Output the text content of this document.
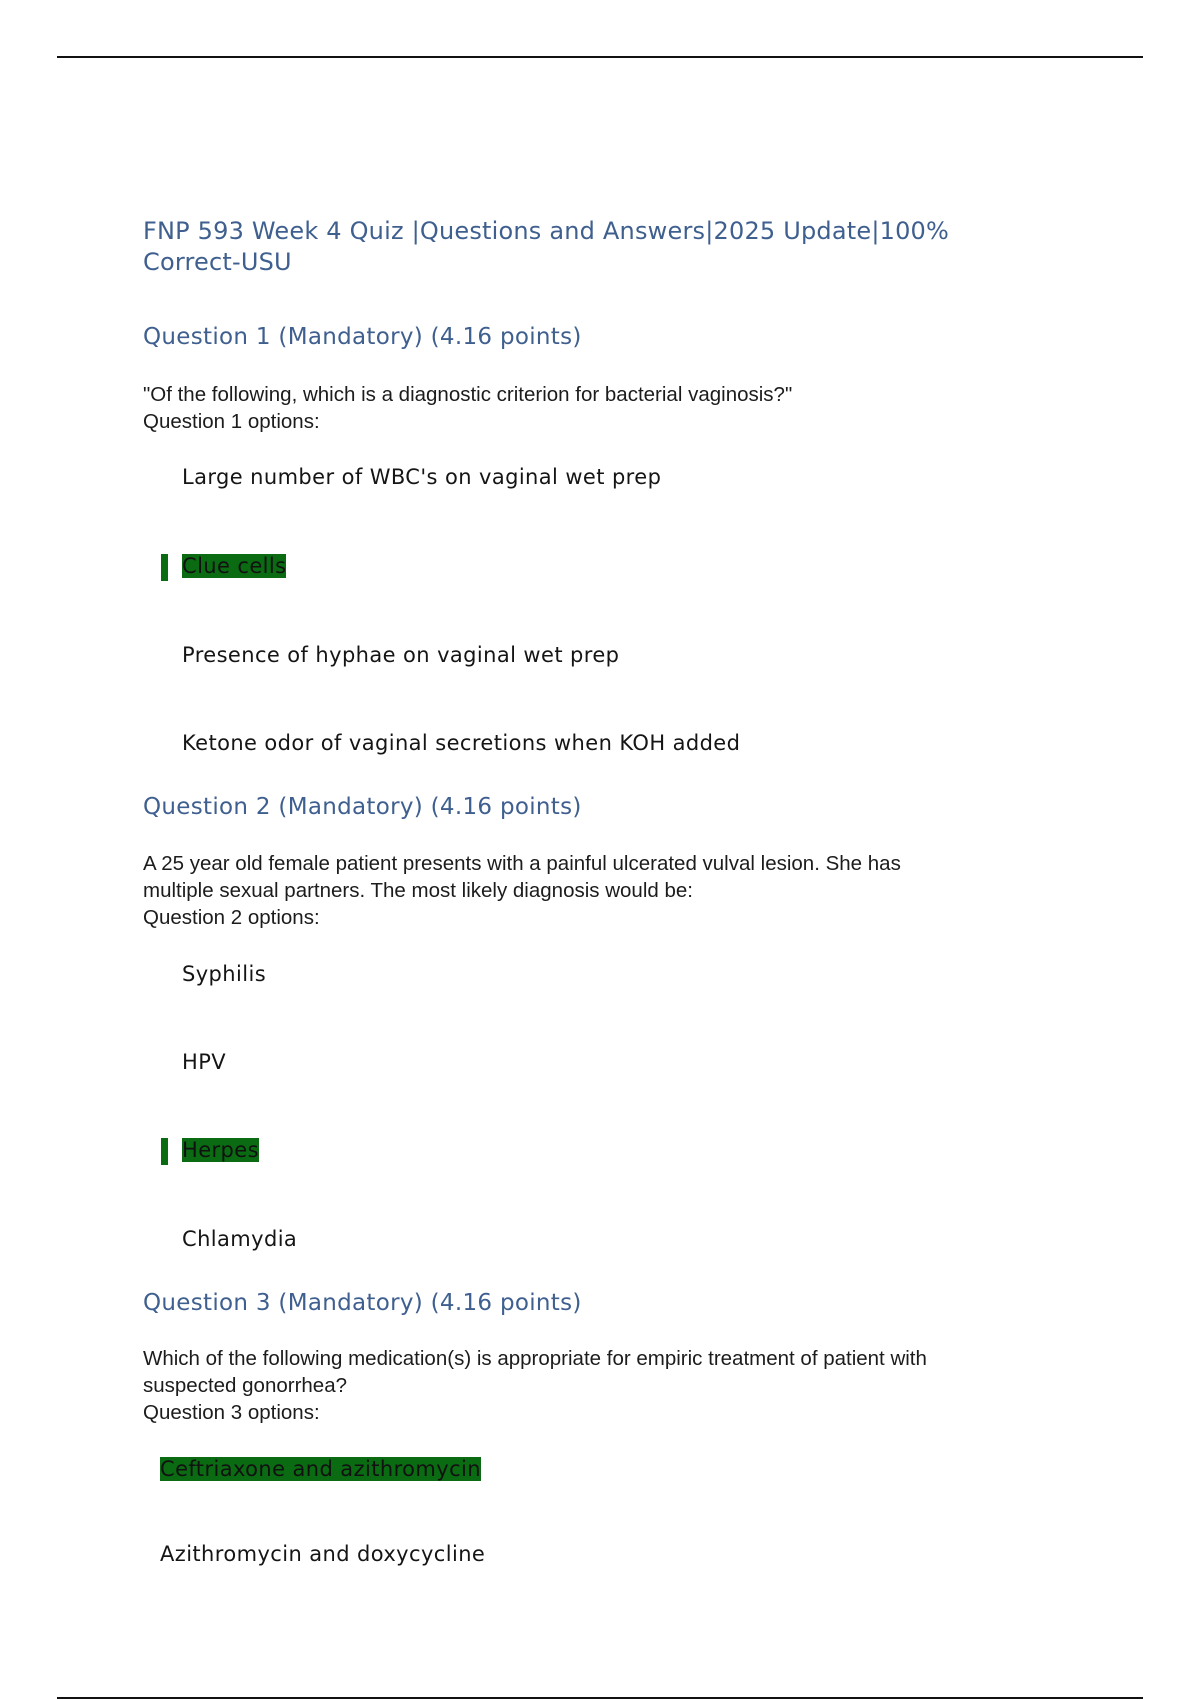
FNP 593 Week 4 Quiz |Questions and Answers|2025 Update|100%
Correct-USU
Question 1 (Mandatory) (4.16 points)
"Of the following, which is a diagnostic criterion for bacterial vaginosis?"
Question 1 options:
Large number of WBC's on vaginal wet prep
Clue cells
Presence of hyphae on vaginal wet prep
Ketone odor of vaginal secretions when KOH added
Question 2 (Mandatory) (4.16 points)
A 25 year old female patient presents with a painful ulcerated vulval lesion. She has
multiple sexual partners. The most likely diagnosis would be:
Question 2 options:
Syphilis
HPV
Herpes
Chlamydia
Question 3 (Mandatory) (4.16 points)
Which of the following medication(s) is appropriate for empiric treatment of patient with
suspected gonorrhea?
Question 3 options:
Ceftriaxone and azithromycin
Azithromycin and doxycycline
